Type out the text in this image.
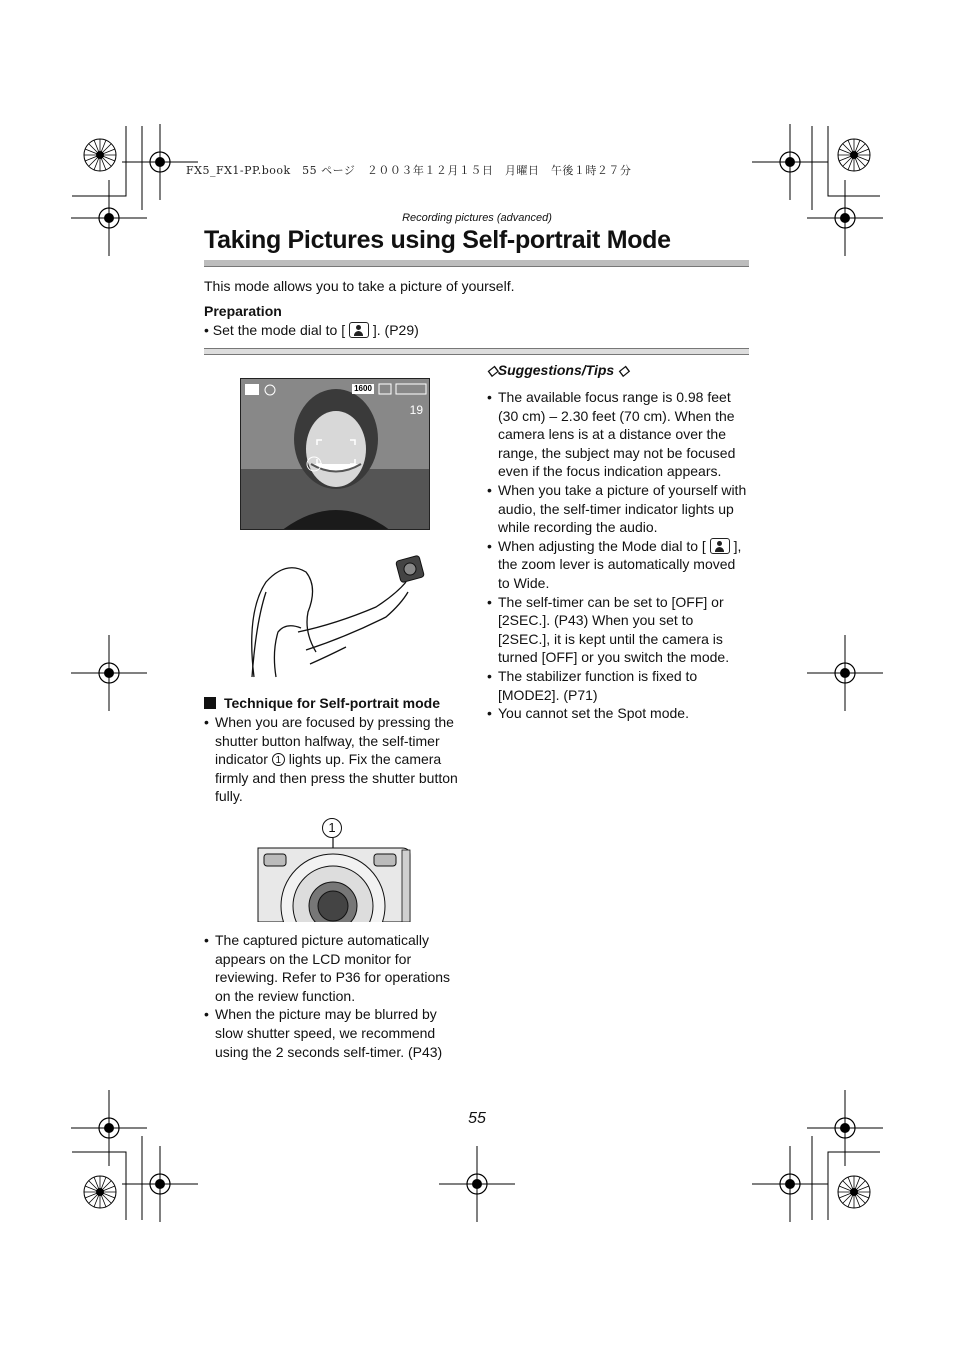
FX5_FX1-PP.book　55 ページ　２００３年１２月１５日　月曜日　午後１時２７分
Recording pictures (advanced)
Taking Pictures using Self-portrait Mode
This mode allows you to take a picture of yourself.
Preparation
• Set the mode dial to [ ]. (P29)
1600
19
Technique for Self-portrait mode
• When you are focused by pressing the shutter button halfway, the self-timer indicator 1 lights up. Fix the camera firmly and then press the shutter button fully.
1
• The captured picture automatically appears on the LCD monitor for reviewing. Refer to P36 for operations on the review function.
• When the picture may be blurred by slow shutter speed, we recommend using the 2 seconds self-timer. (P43)
◇Suggestions/Tips ◇
• The available focus range is 0.98 feet (30 cm) – 2.30 feet (70 cm). When the camera lens is at a distance over the range, the subject may not be focused even if the focus indication appears.
• When you take a picture of yourself with audio, the self-timer indicator lights up while recording the audio.
• When adjusting the Mode dial to [ ], the zoom lever is automatically moved to Wide.
• The self-timer can be set to [OFF] or [2SEC.]. (P43) When you set to [2SEC.], it is kept until the camera is turned [OFF] or you switch the mode.
• The stabilizer function is fixed to [MODE2]. (P71)
• You cannot set the Spot mode.
55
